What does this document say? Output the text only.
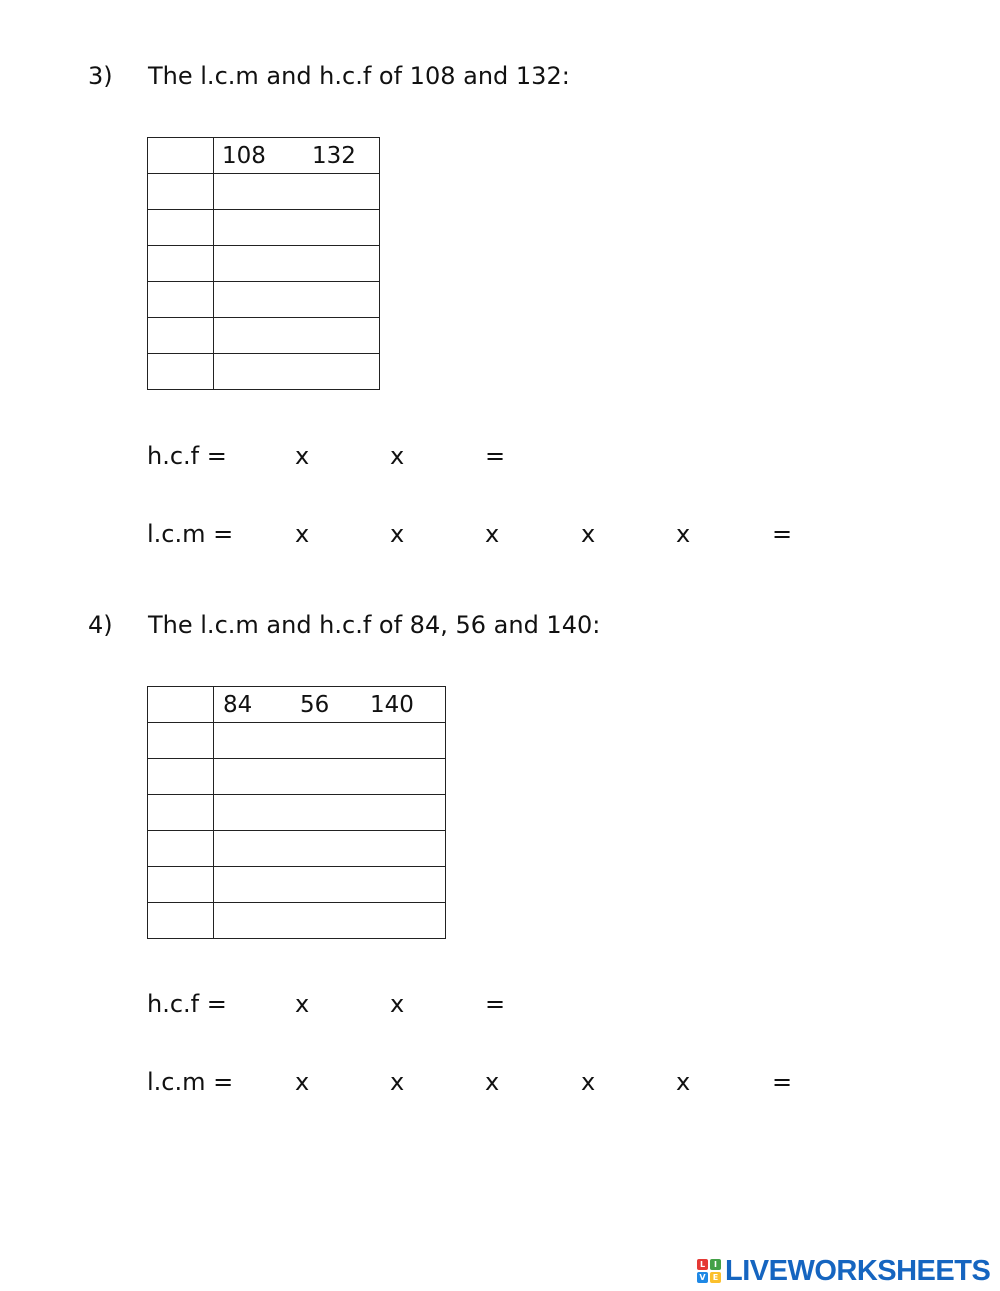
3) The l.c.m and h.c.f of 108 and 132:
	108 132

h.c.f =	x	x	=
l.c.m =	x	x	x	x	x	=
4) The l.c.m and h.c.f of 84, 56 and 140:
	84 56 140

h.c.f =	x	x	=
l.c.m =	x	x	x	x	x	=
L	I
V E LIVEWORKSHEETS
